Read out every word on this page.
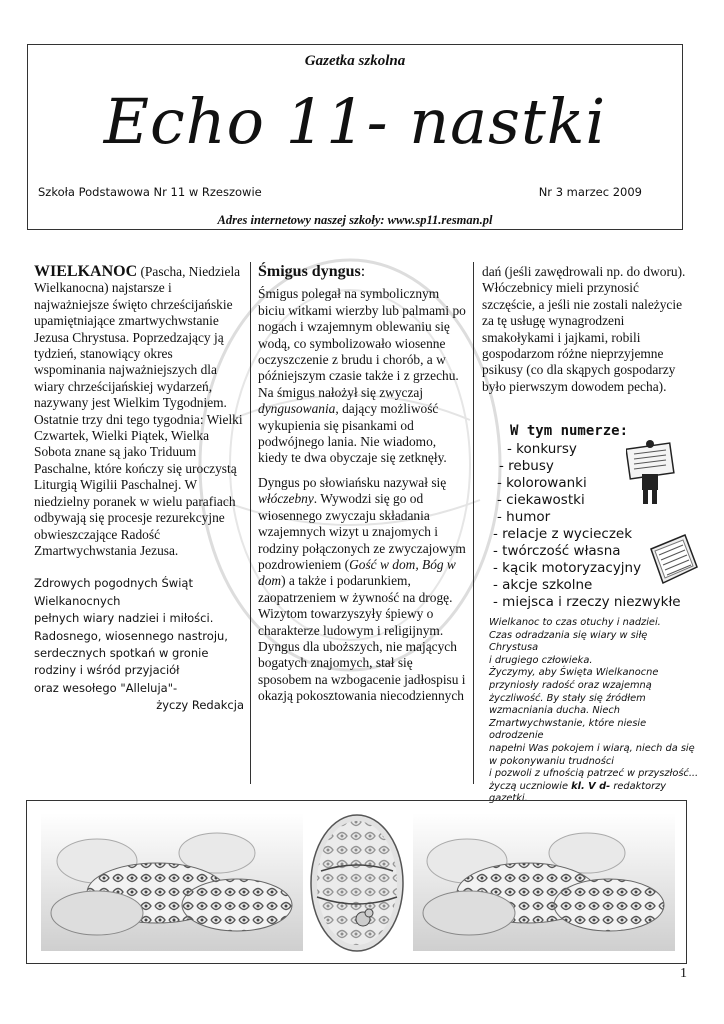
Gazetka szkolna
Echo 11- nastki
Szkoła Podstawowa Nr 11 w Rzeszowie	Nr 3 marzec 2009
Adres internetowy naszej szkoły: www.sp11.resman.pl

WIELKANOC (Pascha, Niedziela Wielkanocna) najstarsze i najważniejsze święto chrześcijańskie upamiętniające zmartwychwstanie Jezusa Chrystusa. Poprzedzający ją tydzień, stanowiący okres wspominania najważniejszych dla wiary chrześcijańskiej wydarzeń, nazywany jest Wielkim Tygodniem. Ostatnie trzy dni tego tygodnia: Wielki Czwartek, Wielki Piątek, Wielka Sobota znane są jako Triduum Paschalne, które kończy się uroczystą Liturgią Wigilii Paschalnej. W niedzielny poranek w wielu parafiach odbywają się procesje rezurekcyjne obwieszczające Radość Zmartwychwstania Jezusa.

Zdrowych pogodnych Świąt
Wielkanocnych
pełnych wiary nadziei i miłości.
Radosnego, wiosennego nastroju,
serdecznych spotkań w gronie
rodziny i wśród przyjaciół
oraz wesołego "Alleluja"-
życzy Redakcja

Śmigus dyngus:

Śmigus polegał na symbolicznym biciu witkami wierzby lub palmami po nogach i wzajemnym oblewaniu się wodą, co symbolizowało wiosenne oczyszczenie z brudu i chorób, a w późniejszym czasie także i z grzechu. Na śmigus nałożył się zwyczaj dyngusowania, dający możliwość wykupienia się pisankami od podwójnego lania. Nie wiadomo, kiedy te dwa obyczaje się zetknęły.

Dyngus po słowiańsku nazywał się włóczebny. Wywodzi się go od wiosennego zwyczaju składania wzajemnych wizyt u znajomych i rodziny połączonych ze zwyczajowym pozdrowieniem (Gość w dom, Bóg w dom) a także i podarunkiem, zaopatrzeniem w żywność na drogę. Wizytom towarzyszyły śpiewy o charakterze ludowym i religijnym. Dyngus dla uboższych, nie mających bogatych znajomych, stał się sposobem na wzbogacenie jadłospisu i okazją pokosztowania niecodziennych

dań (jeśli zawędrowali np. do dworu). Włóczebnicy mieli przynosić szczęście, a jeśli nie zostali należycie za tę usługę wynagrodzeni smakołykami i jajkami, robili gospodarzom różne nieprzyjemne psikusy (co dla skąpych gospodarzy było pierwszym dowodem pecha).

W tym numerze:
- konkursy
- rebusy
- kolorowanki
- ciekawostki
- humor
- relacje z wycieczek
- twórczość własna
- kącik motoryzacyjny
- akcje szkolne
- miejsca i rzeczy niezwykłe
Wielkanoc to czas otuchy i nadziei.
Czas odradzania się wiary w siłę Chrystusa
i drugiego człowieka.
Życzymy, aby Święta Wielkanocne
przyniosły radość oraz wzajemną
życzliwość. By stały się źródłem
wzmacniania ducha. Niech
Zmartwychwstanie, które niesie odrodzenie
napełni Was pokojem i wiarą, niech da się
w pokonywaniu trudności
i pozwoli z ufnością patrzeć w przyszłość...
życzą uczniowie kl. V d- redaktorzy gazetki.
1
